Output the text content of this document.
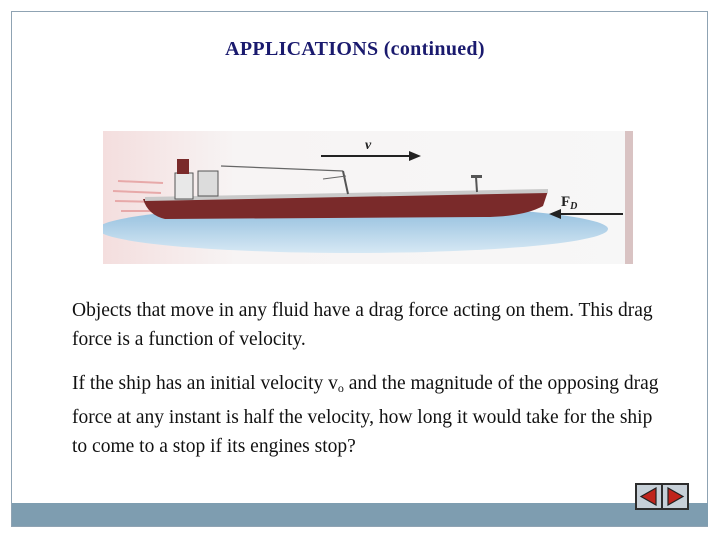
APPLICATIONS (continued)
v
$F_D$
Objects that move in any fluid have a drag force acting on them. This drag force is a function of velocity.
If the ship has an initial velocity $v_o$ and the magnitude of the opposing drag force at any instant is half the velocity, how long it would take for the ship to come to a stop if its engines stop?
